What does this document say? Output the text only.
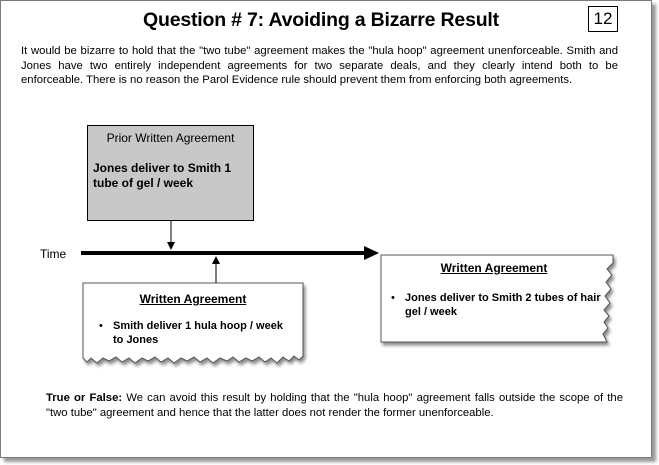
Question # 7: Avoiding a Bizarre Result	12
It would be bizarre to hold that the "two tube" agreement makes the "hula hoop" agreement unenforceable. Smith and Jones have two entirely independent agreements for two separate deals, and they clearly intend both to be enforceable. There is no reason the Parol Evidence rule should prevent them from enforcing both agreements.
Prior Written Agreement
Jones deliver to Smith 1 tube of gel / week
Time
Written Agreement
• Smith deliver 1 hula hoop / week to Jones
Written Agreement
• Jones deliver to Smith 2 tubes of hair gel / week
True or False: We can avoid this result by holding that the "hula hoop" agreement falls outside the scope of the "two tube" agreement and hence that the latter does not render the former unenforceable.
